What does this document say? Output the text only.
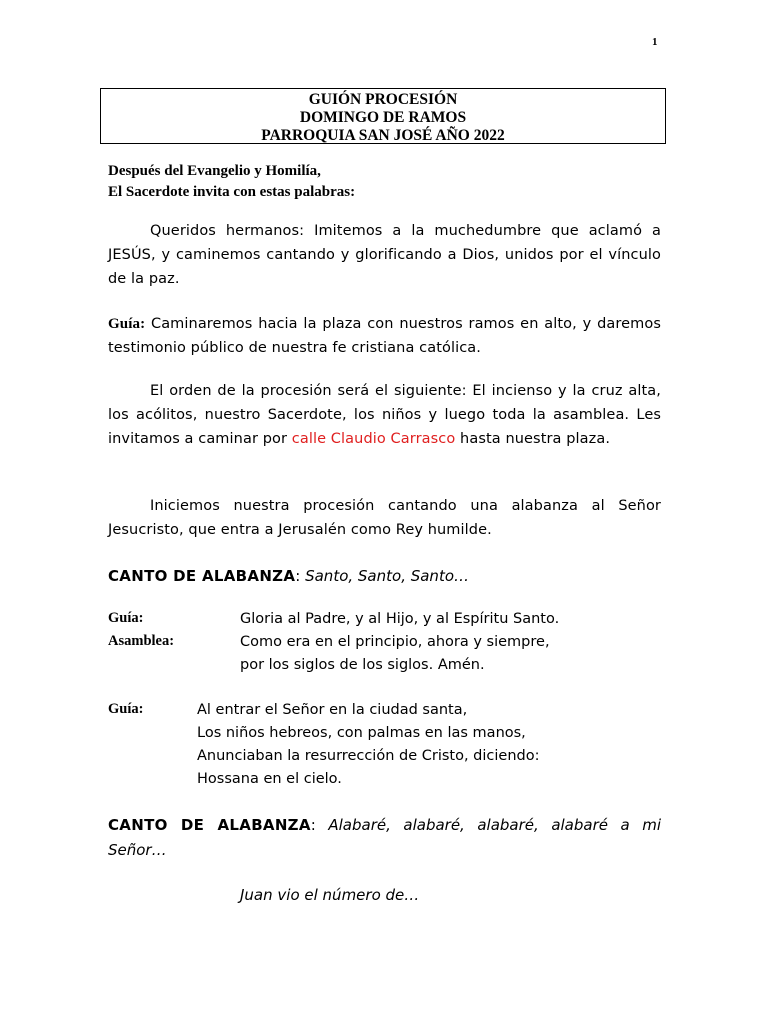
1
GUIÓN PROCESIÓN
DOMINGO DE RAMOS
PARROQUIA SAN JOSÉ AÑO 2022
Después del Evangelio y Homilía,
El Sacerdote invita con estas palabras:
Queridos hermanos: Imitemos a la muchedumbre que aclamó a JESÚS, y caminemos cantando y glorificando a Dios, unidos por el vínculo de la paz.
Guía: Caminaremos hacia la plaza con nuestros ramos en alto, y daremos testimonio público de nuestra fe cristiana católica.
El orden de la procesión será el siguiente: El incienso y la cruz alta, los acólitos, nuestro Sacerdote, los niños y luego toda la asamblea. Les invitamos a caminar por calle Claudio Carrasco hasta nuestra plaza.
Iniciemos nuestra procesión cantando una alabanza al Señor Jesucristo, que entra a Jerusalén como Rey humilde.
CANTO DE ALABANZA: Santo, Santo, Santo…
Guía:	Gloria al Padre, y al Hijo, y al Espíritu Santo.
Asamblea:	Como era en el principio, ahora y siempre,
por los siglos de los siglos. Amén.
Guía:	Al entrar el Señor en la ciudad santa,
Los niños hebreos, con palmas en las manos,
Anunciaban la resurrección de Cristo, diciendo:
Hossana en el cielo.
CANTO DE ALABANZA: Alabaré, alabaré, alabaré, alabaré a mi Señor…
Juan vio el número de…
